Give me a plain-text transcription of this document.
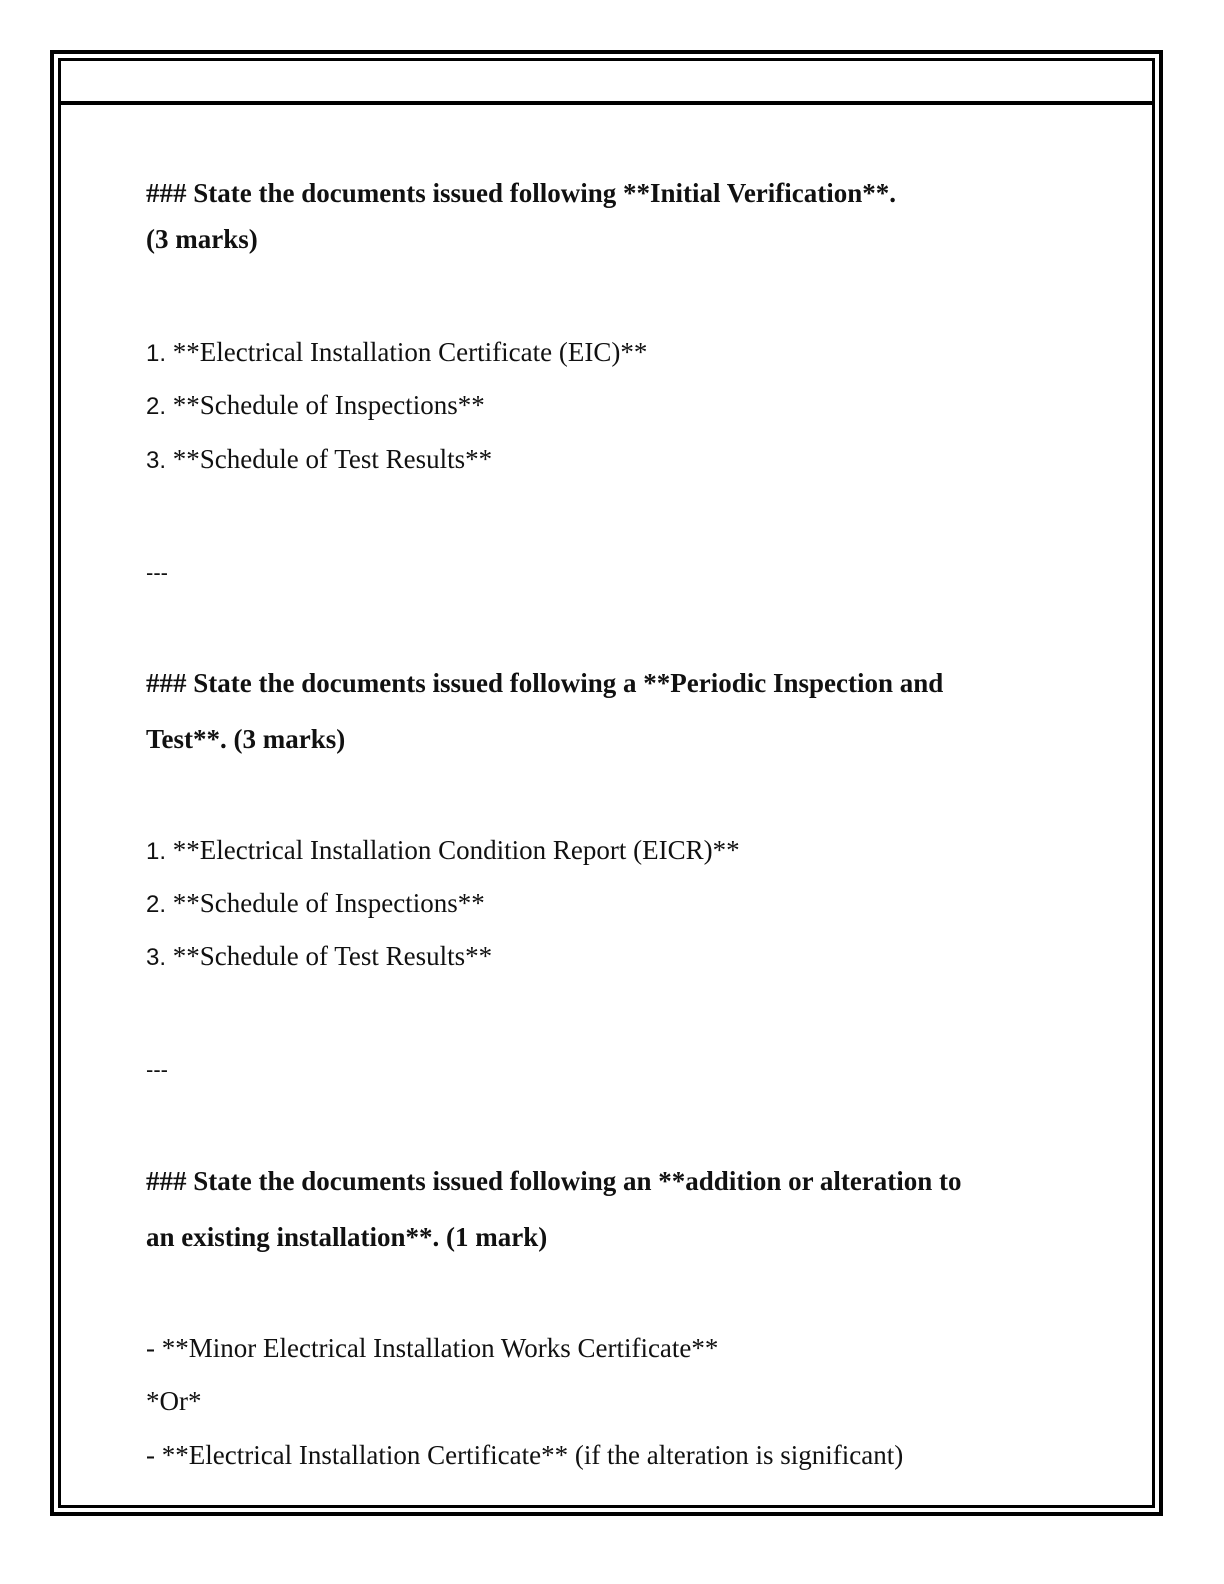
### State the documents issued following **Initial Verification**.
(3 marks)
1. **Electrical Installation Certificate (EIC)**
2. **Schedule of Inspections**
3. **Schedule of Test Results**
---
### State the documents issued following a **Periodic Inspection and
Test**. (3 marks)
1. **Electrical Installation Condition Report (EICR)**
2. **Schedule of Inspections**
3. **Schedule of Test Results**
---
### State the documents issued following an **addition or alteration to
an existing installation**. (1 mark)
- **Minor Electrical Installation Works Certificate**
*Or*
- **Electrical Installation Certificate** (if the alteration is significant)
